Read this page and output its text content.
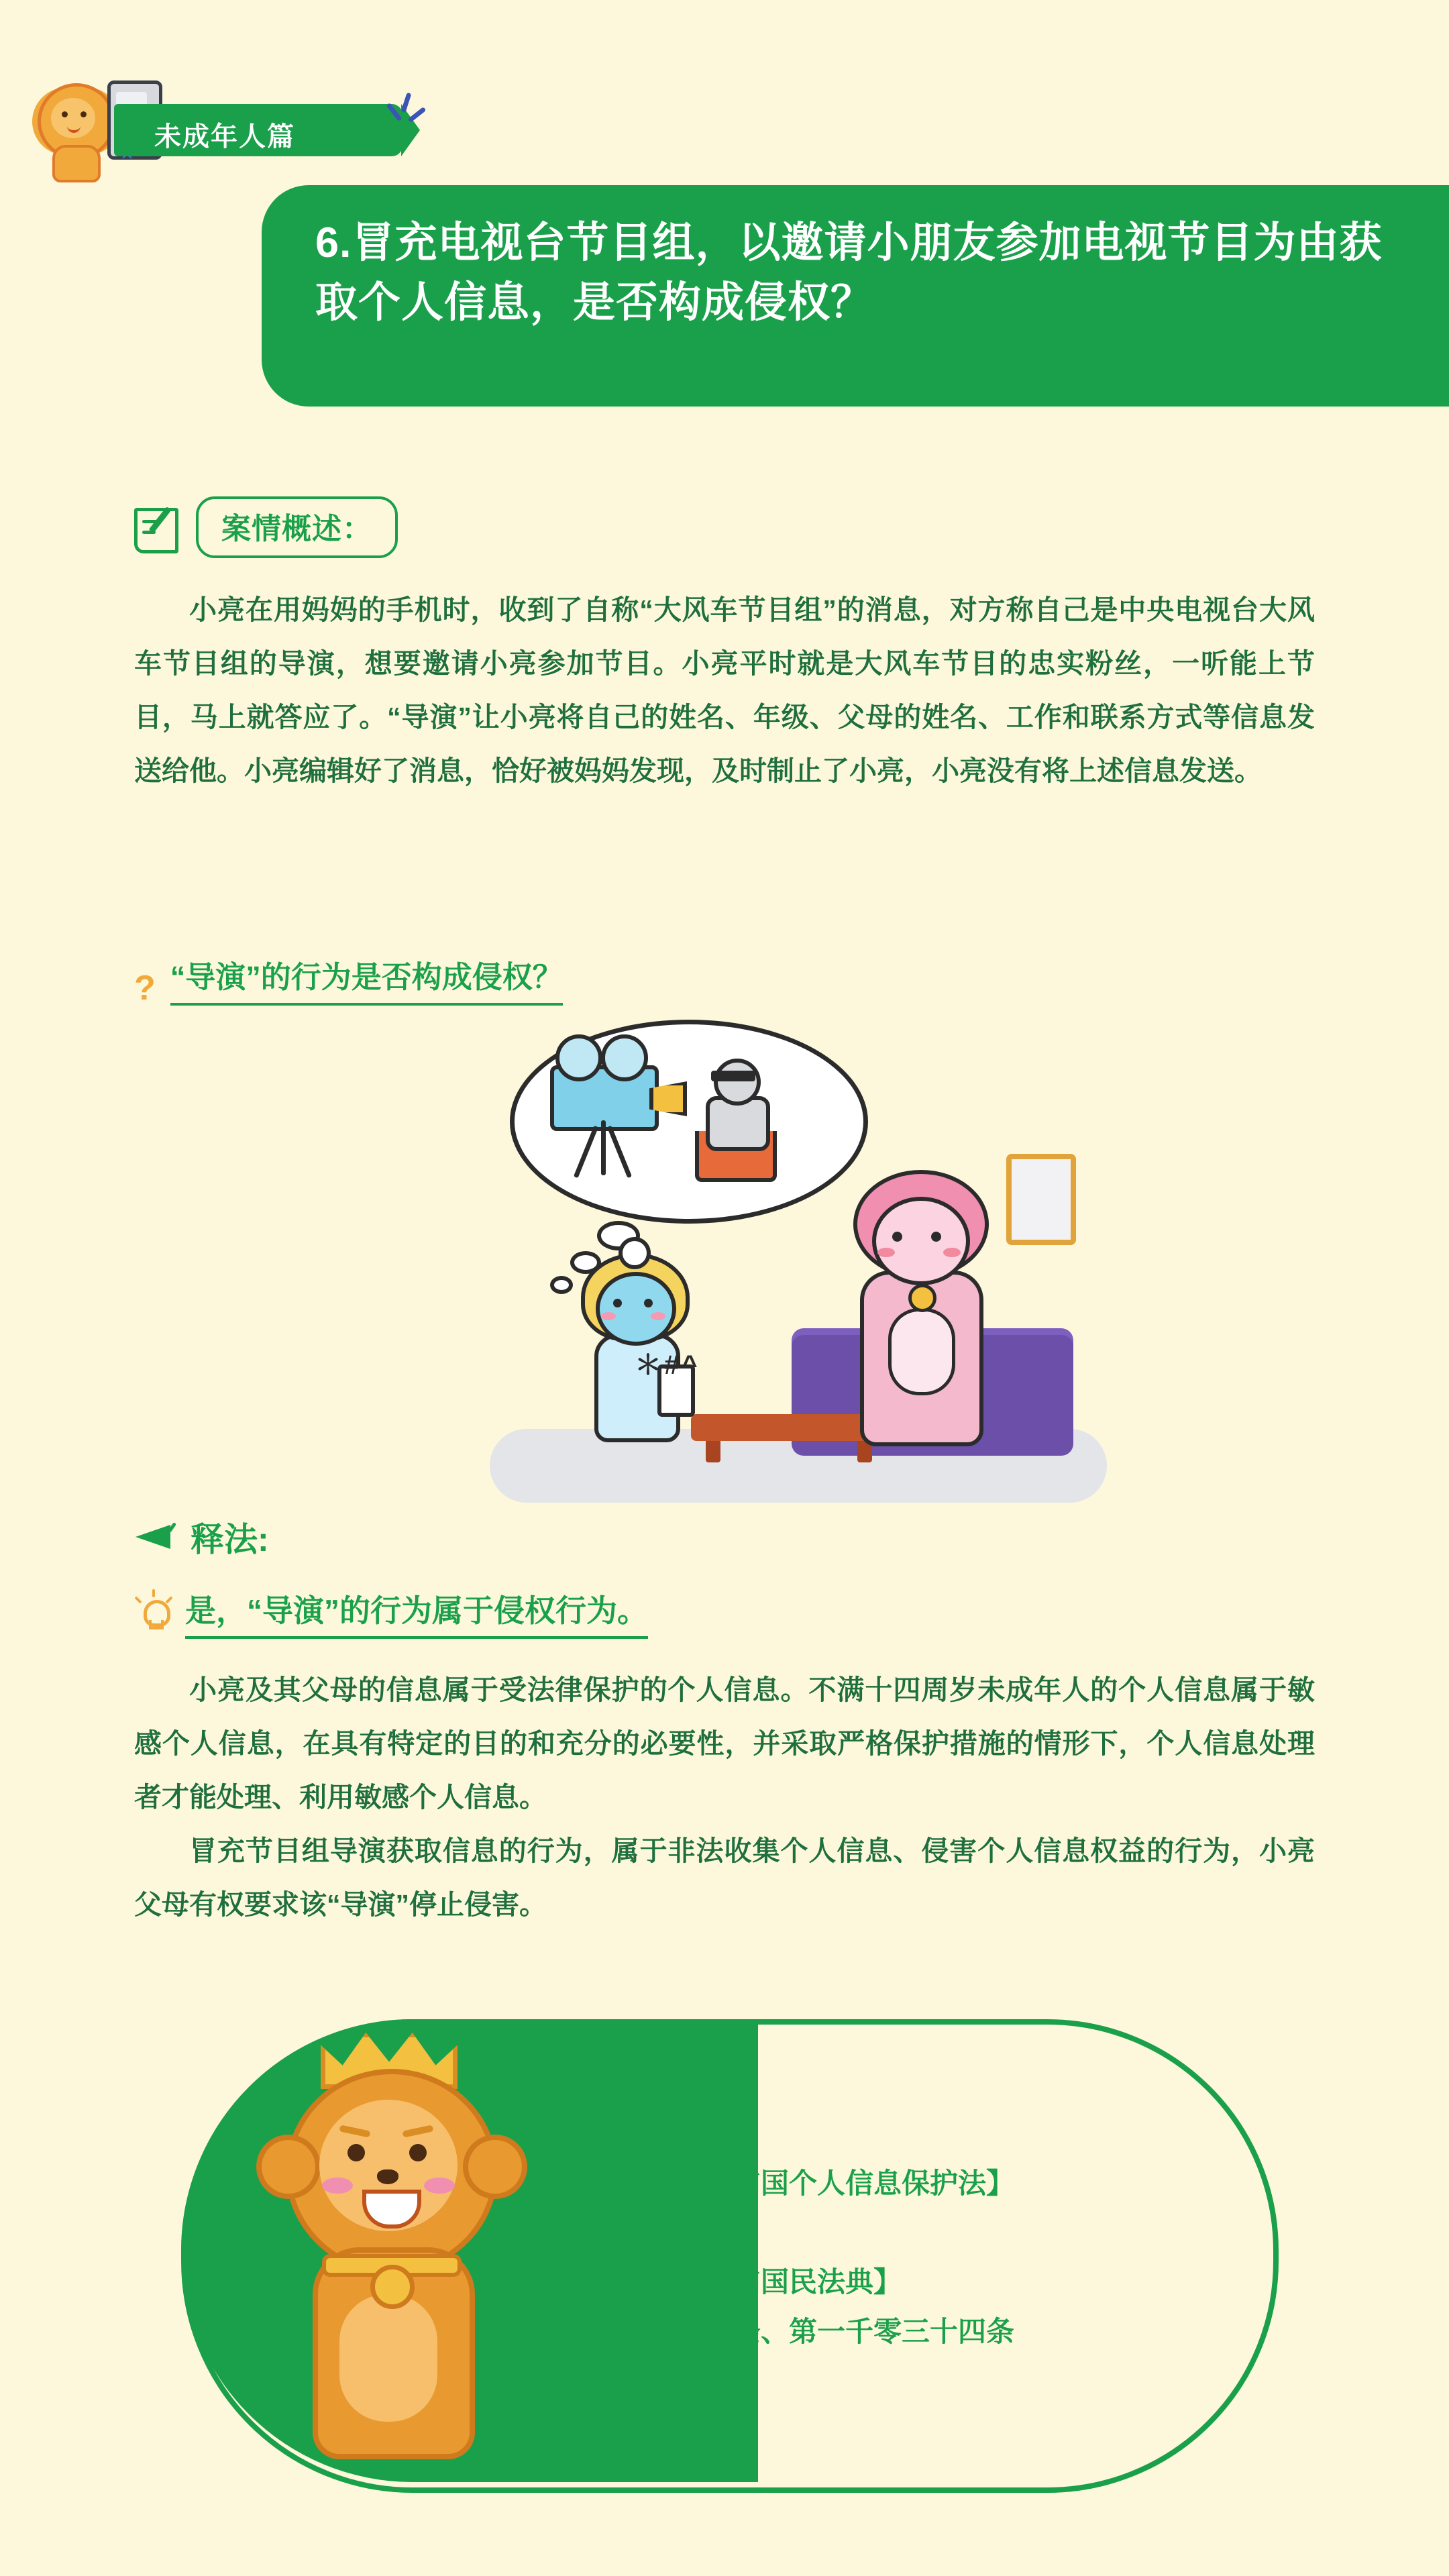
未成年人篇
6.冒充电视台节目组，以邀请小朋友参加电视节目为由获取个人信息，是否构成侵权？
案情概述：
小亮在用妈妈的手机时，收到了自称“大风车节目组”的消息，对方称自己是中央电视台大风车节目组的导演，想要邀请小亮参加节目。小亮平时就是大风车节目的忠实粉丝，一听能上节目，马上就答应了。“导演”让小亮将自己的姓名、年级、父母的姓名、工作和联系方式等信息发送给他。小亮编辑好了消息，恰好被妈妈发现，及时制止了小亮，小亮没有将上述信息发送。
? “导演”的行为是否构成侵权？
＊#^
释法:
是，“导演”的行为属于侵权行为。
小亮及其父母的信息属于受法律保护的个人信息。不满十四周岁未成年人的个人信息属于敏感个人信息，在具有特定的目的和充分的必要性，并采取严格保护措施的情形下，个人信息处理者才能处理、利用敏感个人信息。
冒充节目组导演获取信息的行为，属于非法收集个人信息、侵害个人信息权益的行为，小亮父母有权要求该“导演”停止侵害。
法条链接：
【中华人民共和国个人信息保护法】
第十条
【中华人民共和国民法典】
第一百一十一条、第一千零三十四条
